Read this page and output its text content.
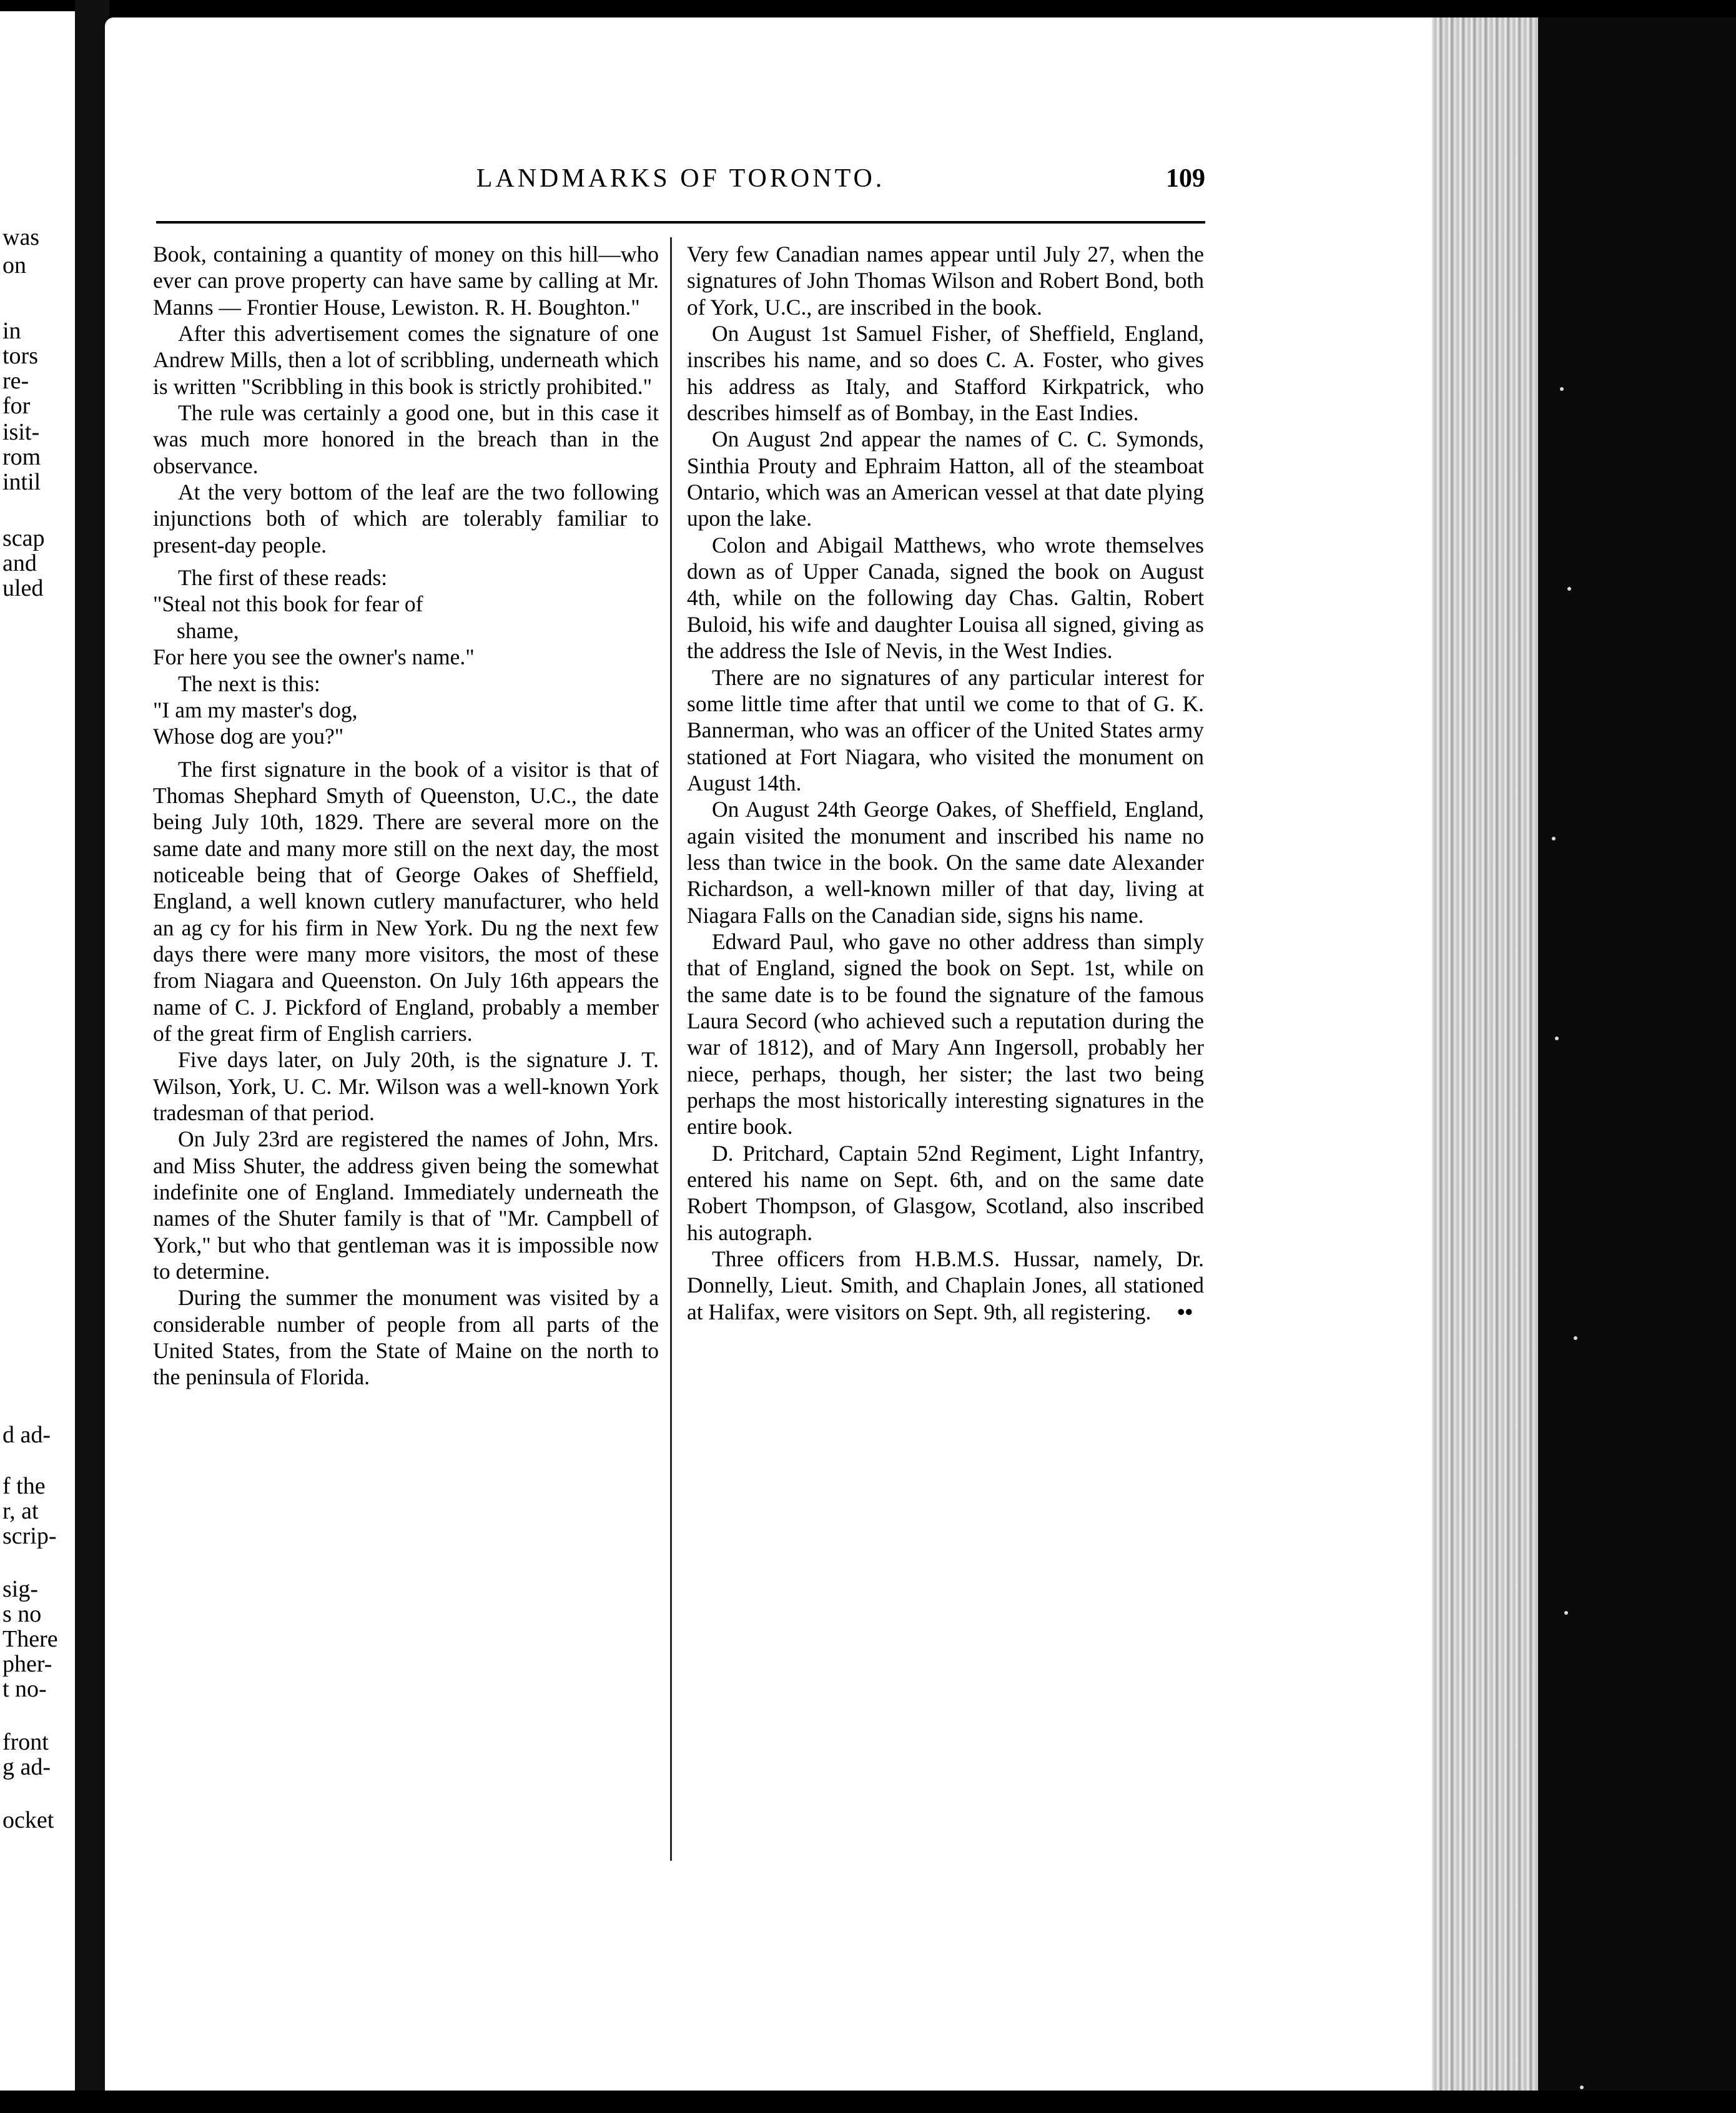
was
on
in
tors
re-
for
isit-
rom
intil
scap
and
uled
d ad-
f the
r, at
scrip-
sig-
s no
There
pher-
t no-
front
g ad-
ocket
LANDMARKS OF TORONTO.	109

Book, containing a quantity of money on this hill—who ever can prove property can have same by calling at Mr. Manns — Frontier House, Lewiston. R. H. Boughton."

After this advertisement comes the signature of one Andrew Mills, then a lot of scribbling, underneath which is written "Scribbling in this book is strictly prohibited."

The rule was certainly a good one, but in this case it was much more honored in the breach than in the observance.

At the very bottom of the leaf are the two following injunctions both of which are tolerably familiar to present-day people.

The first of these reads:

"Steal not this book for fear of
shame,
For here you see the owner's name."

The next is this:

"I am my master's dog,
Whose dog are you?"

The first signature in the book of a visitor is that of Thomas Shephard Smyth of Queenston, U.C., the date being July 10th, 1829. There are several more on the same date and many more still on the next day, the most noticeable being that of George Oakes of Sheffield, England, a well known cutlery manufacturer, who held an ag cy for his firm in New York. Du ng the next few days there were many more visitors, the most of these from Niagara and Queenston. On July 16th appears the name of C. J. Pickford of England, probably a member of the great firm of English carriers.

Five days later, on July 20th, is the signature J. T. Wilson, York, U. C. Mr. Wilson was a well-known York tradesman of that period.

On July 23rd are registered the names of John, Mrs. and Miss Shuter, the address given being the somewhat indefinite one of England. Immediately underneath the names of the Shuter family is that of "Mr. Campbell of York," but who that gentleman was it is impossible now to determine.

During the summer the monument was visited by a considerable number of people from all parts of the United States, from the State of Maine on the north to the peninsula of Florida.

Very few Canadian names appear until July 27, when the signatures of John Thomas Wilson and Robert Bond, both of York, U.C., are inscribed in the book.

On August 1st Samuel Fisher, of Sheffield, England, inscribes his name, and so does C. A. Foster, who gives his address as Italy, and Stafford Kirkpatrick, who describes himself as of Bombay, in the East Indies.

On August 2nd appear the names of C. C. Symonds, Sinthia Prouty and Ephraim Hatton, all of the steamboat Ontario, which was an American vessel at that date plying upon the lake.

Colon and Abigail Matthews, who wrote themselves down as of Upper Canada, signed the book on August 4th, while on the following day Chas. Galtin, Robert Buloid, his wife and daughter Louisa all signed, giving as the address the Isle of Nevis, in the West Indies.

There are no signatures of any particular interest for some little time after that until we come to that of G. K. Bannerman, who was an officer of the United States army stationed at Fort Niagara, who visited the monument on August 14th.

On August 24th George Oakes, of Sheffield, England, again visited the monument and inscribed his name no less than twice in the book. On the same date Alexander Richardson, a well-known miller of that day, living at Niagara Falls on the Canadian side, signs his name.

Edward Paul, who gave no other address than simply that of England, signed the book on Sept. 1st, while on the same date is to be found the signature of the famous Laura Secord (who achieved such a reputation during the war of 1812), and of Mary Ann Ingersoll, probably her niece, perhaps, though, her sister; the last two being perhaps the most historically interesting signatures in the entire book.

D. Pritchard, Captain 52nd Regiment, Light Infantry, entered his name on Sept. 6th, and on the same date Robert Thompson, of Glasgow, Scotland, also inscribed his autograph.

Three officers from H.B.M.S. Hussar, namely, Dr. Donnelly, Lieut. Smith, and Chaplain Jones, all stationed at Halifax, were visitors on Sept. 9th, all registering.	••
